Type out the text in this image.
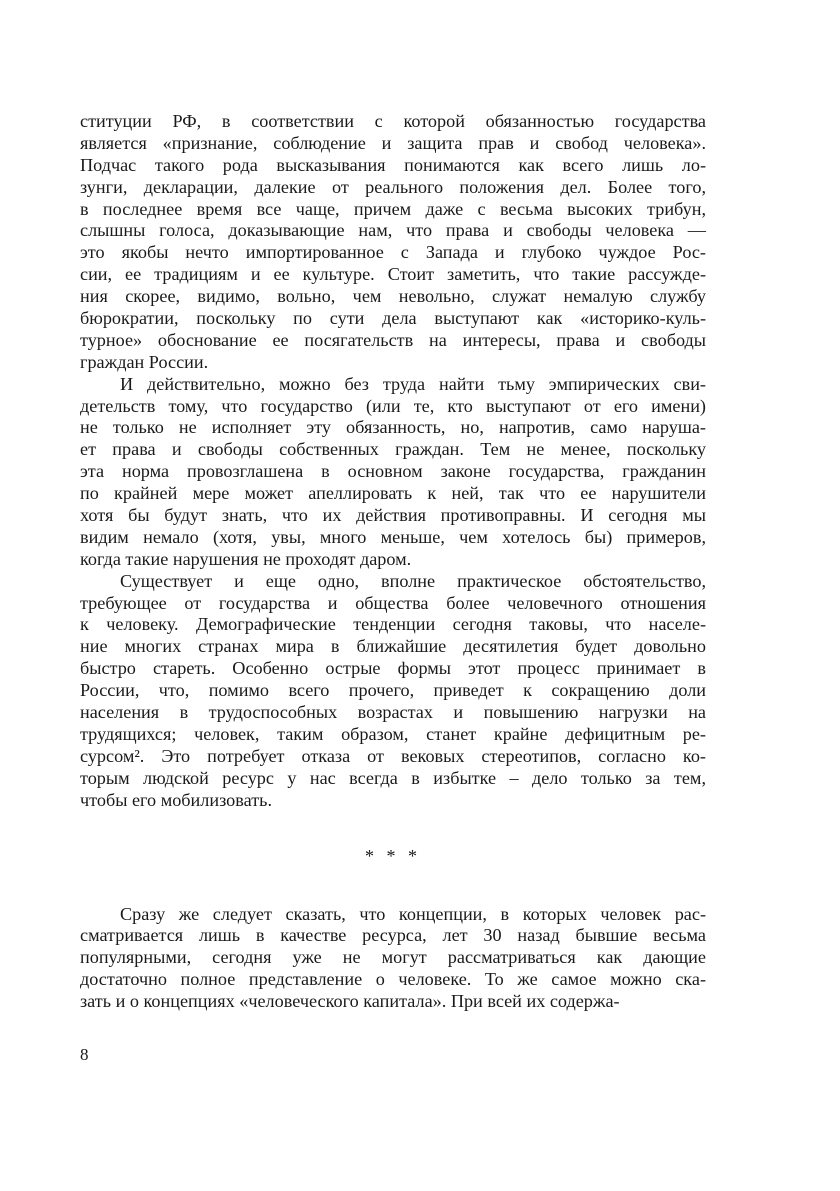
ституции РФ, в соответствии с которой обязанностью государства
является «признание, соблюдение и защита прав и свобод человека».
Подчас такого рода высказывания понимаются как всего лишь ло-
зунги, декларации, далекие от реального положения дел. Более того,
в последнее время все чаще, причем даже с весьма высоких трибун,
слышны голоса, доказывающие нам, что права и свободы человека —
это якобы нечто импортированное с Запада и глубоко чуждое Рос-
сии, ее традициям и ее культуре. Стоит заметить, что такие рассужде-
ния скорее, видимо, вольно, чем невольно, служат немалую службу
бюрократии, поскольку по сути дела выступают как «историко-куль-
турное» обоснование ее посягательств на интересы, права и свободы
граждан России.
И действительно, можно без труда найти тьму эмпирических сви-
детельств тому, что государство (или те, кто выступают от его имени)
не только не исполняет эту обязанность, но, напротив, само наруша-
ет права и свободы собственных граждан. Тем не менее, поскольку
эта норма провозглашена в основном законе государства, гражданин
по крайней мере может апеллировать к ней, так что ее нарушители
хотя бы будут знать, что их действия противоправны. И сегодня мы
видим немало (хотя, увы, много меньше, чем хотелось бы) примеров,
когда такие нарушения не проходят даром.
Существует и еще одно, вполне практическое обстоятельство,
требующее от государства и общества более человечного отношения
к человеку. Демографические тенденции сегодня таковы, что населе-
ние многих странах мира в ближайшие десятилетия будет довольно
быстро стареть. Особенно острые формы этот процесс принимает в
России, что, помимо всего прочего, приведет к сокращению доли
населения в трудоспособных возрастах и повышению нагрузки на
трудящихся; человек, таким образом, станет крайне дефицитным ре-
сурсом². Это потребует отказа от вековых стереотипов, согласно ко-
торым людской ресурс у нас всегда в избытке – дело только за тем,
чтобы его мобилизовать.
* * *
Сразу же следует сказать, что концепции, в которых человек рас-
сматривается лишь в качестве ресурса, лет 30 назад бывшие весьма
популярными, сегодня уже не могут рассматриваться как дающие
достаточно полное представление о человеке. То же самое можно ска-
зать и о концепциях «человеческого капитала». При всей их содержа-
8
